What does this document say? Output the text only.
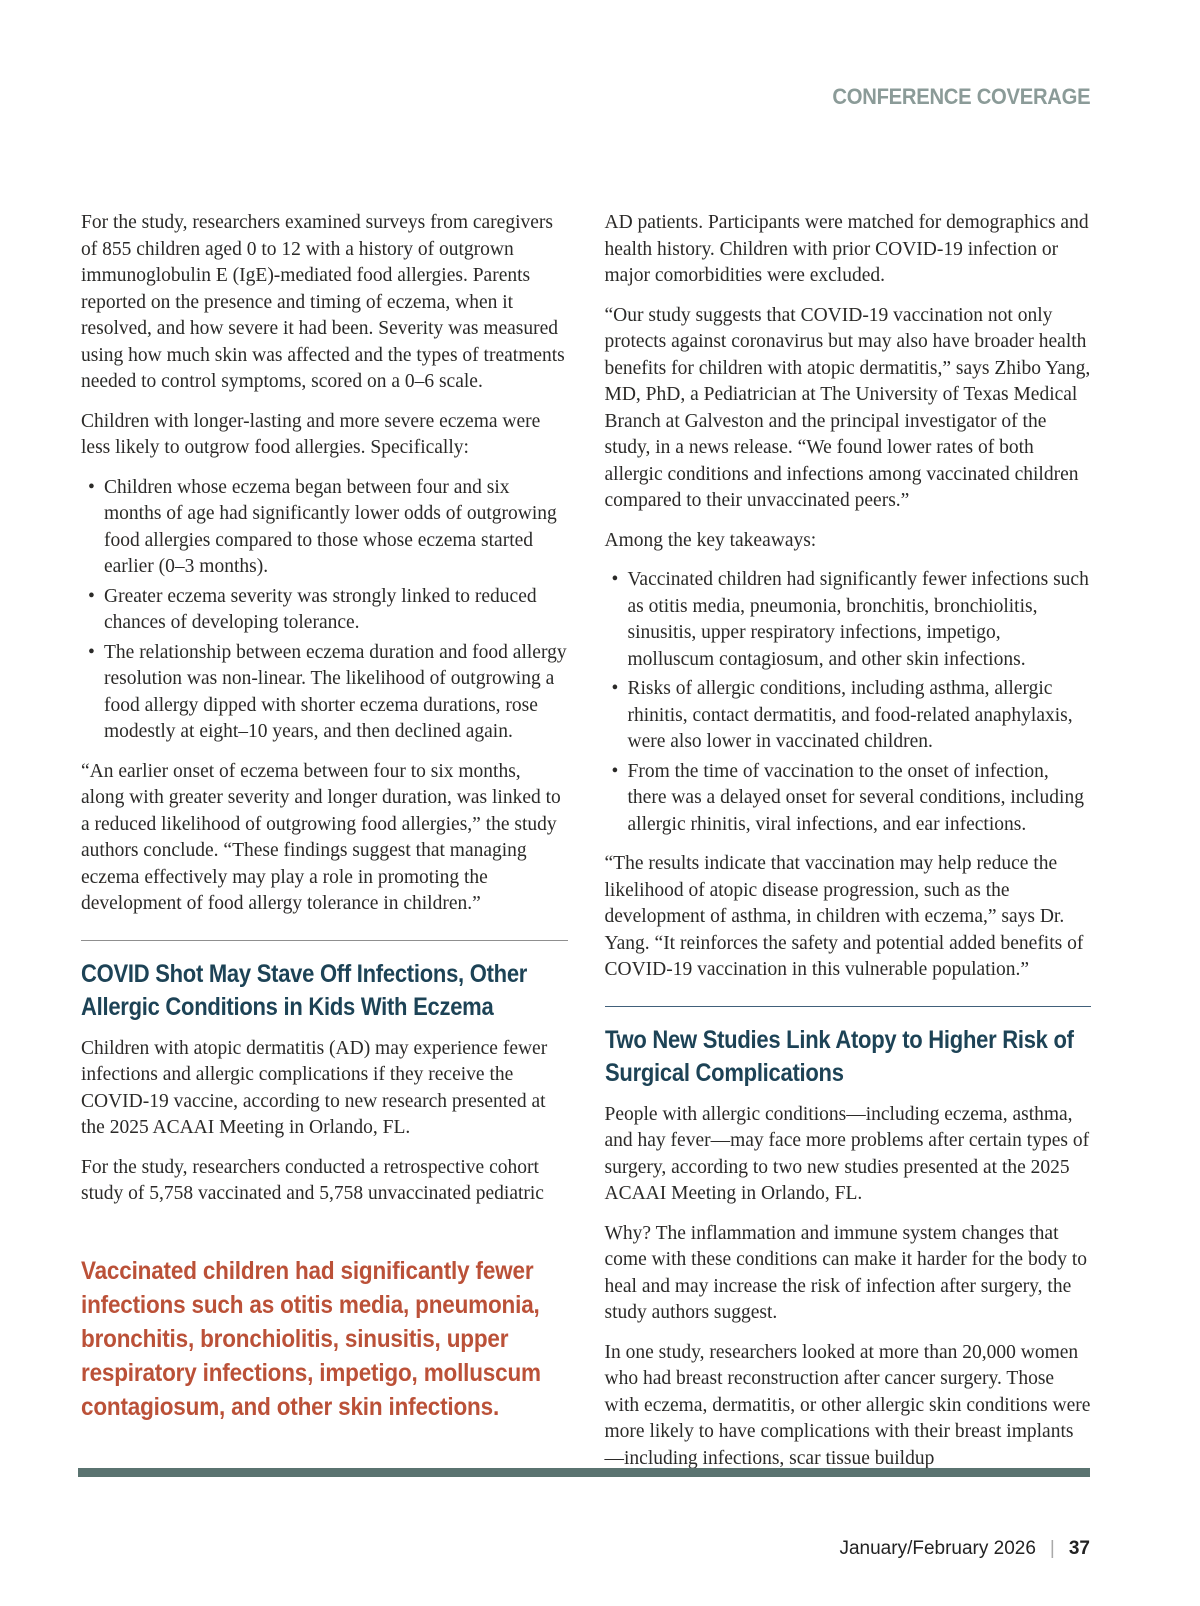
CONFERENCE COVERAGE

For the study, researchers examined surveys from caregivers of 855 children aged 0 to 12 with a history of outgrown immunoglobulin E (IgE)-mediated food allergies. Parents reported on the presence and timing of eczema, when it resolved, and how severe it had been. Severity was measured using how much skin was affected and the types of treatments needed to control symptoms, scored on a 0–6 scale.

Children with longer-lasting and more severe eczema were less likely to outgrow food allergies. Specifically:

• Children whose eczema began between four and six months of age had significantly lower odds of outgrowing food allergies compared to those whose eczema started earlier (0–3 months).
• Greater eczema severity was strongly linked to reduced chances of developing tolerance.
• The relationship between eczema duration and food allergy resolution was non-linear. The likelihood of outgrowing a food allergy dipped with shorter eczema durations, rose modestly at eight–10 years, and then declined again.

“An earlier onset of eczema between four to six months, along with greater severity and longer duration, was linked to a reduced likelihood of outgrowing food allergies,” the study authors conclude. “These findings suggest that managing eczema effectively may play a role in promoting the development of food allergy tolerance in children.”

COVID Shot May Stave Off Infections, Other Allergic Conditions in Kids With Eczema

Children with atopic dermatitis (AD) may experience fewer infections and allergic complications if they receive the COVID-19 vaccine, according to new research presented at the 2025 ACAAI Meeting in Orlando, FL.

For the study, researchers conducted a retrospective cohort study of 5,758 vaccinated and 5,758 unvaccinated pediatric

Vaccinated children had significantly fewer infections such as otitis media, pneumonia, bronchitis, bronchiolitis, sinusitis, upper respiratory infections, impetigo, molluscum contagiosum, and other skin infections.

AD patients. Participants were matched for demographics and health history. Children with prior COVID-19 infection or major comorbidities were excluded.

“Our study suggests that COVID-19 vaccination not only protects against coronavirus but may also have broader health benefits for children with atopic dermatitis,” says Zhibo Yang, MD, PhD, a Pediatrician at The University of Texas Medical Branch at Galveston and the principal investigator of the study, in a news release. “We found lower rates of both allergic conditions and infections among vaccinated children compared to their unvaccinated peers.”

Among the key takeaways:

• Vaccinated children had significantly fewer infections such as otitis media, pneumonia, bronchitis, bronchiolitis, sinusitis, upper respiratory infections, impetigo, molluscum contagiosum, and other skin infections.
• Risks of allergic conditions, including asthma, allergic rhinitis, contact dermatitis, and food-related anaphylaxis, were also lower in vaccinated children.
• From the time of vaccination to the onset of infection, there was a delayed onset for several conditions, including allergic rhinitis, viral infections, and ear infections.

“The results indicate that vaccination may help reduce the likelihood of atopic disease progression, such as the development of asthma, in children with eczema,” says Dr. Yang. “It reinforces the safety and potential added benefits of COVID-19 vaccination in this vulnerable population.”

Two New Studies Link Atopy to Higher Risk of Surgical Complications

People with allergic conditions—including eczema, asthma, and hay fever—may face more problems after certain types of surgery, according to two new studies presented at the 2025 ACAAI Meeting in Orlando, FL.

Why? The inflammation and immune system changes that come with these conditions can make it harder for the body to heal and may increase the risk of infection after surgery, the study authors suggest.

In one study, researchers looked at more than 20,000 women who had breast reconstruction after cancer surgery. Those with eczema, dermatitis, or other allergic skin conditions were more likely to have complications with their breast implants—including infections, scar tissue buildup

January/February 2026 | 37
